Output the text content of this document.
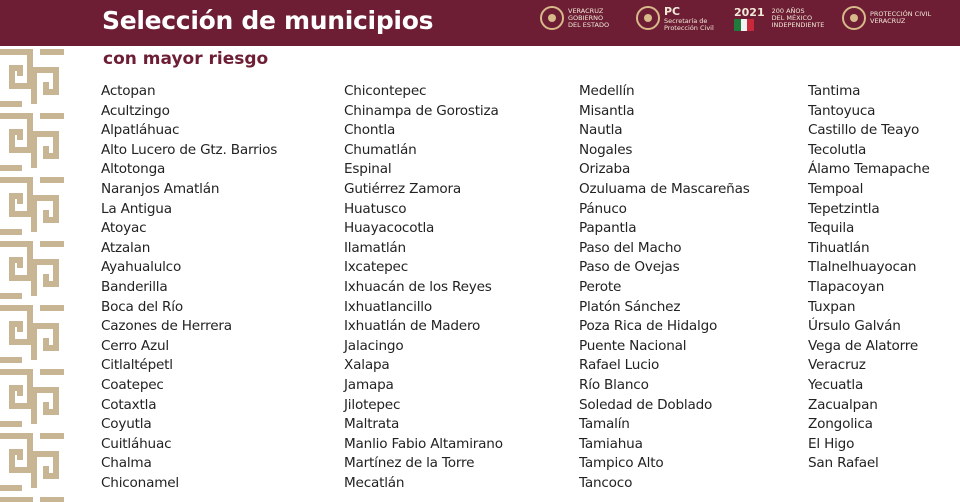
Selección de municipios	VERACRUZ
GOBIERNO
DEL ESTADO
PC
Secretaría de
Protección Civil
2021 200 AÑOS
DEL MÉXICO
INDEPENDIENTE
PROTECCIÓN CIVIL
VERACRUZ
con mayor riesgo
Actopan
Acultzingo
Alpatláhuac
Alto Lucero de Gtz. Barrios
Altotonga
Naranjos Amatlán
La Antigua
Atoyac
Atzalan
Ayahualulco
Banderilla
Boca del Río
Cazones de Herrera
Cerro Azul
Citlaltépetl
Coatepec
Cotaxtla
Coyutla
Cuitláhuac
Chalma
Chiconamel
Chicontepec
Chinampa de Gorostiza
Chontla
Chumatlán
Espinal
Gutiérrez Zamora
Huatusco
Huayacocotla
Ilamatlán
Ixcatepec
Ixhuacán de los Reyes
Ixhuatlancillo
Ixhuatlán de Madero
Jalacingo
Xalapa
Jamapa
Jilotepec
Maltrata
Manlio Fabio Altamirano
Martínez de la Torre
Mecatlán
Medellín
Misantla
Nautla
Nogales
Orizaba
Ozuluama de Mascareñas
Pánuco
Papantla
Paso del Macho
Paso de Ovejas
Perote
Platón Sánchez
Poza Rica de Hidalgo
Puente Nacional
Rafael Lucio
Río Blanco
Soledad de Doblado
Tamalín
Tamiahua
Tampico Alto
Tancoco
Tantima
Tantoyuca
Castillo de Teayo
Tecolutla
Álamo Temapache
Tempoal
Tepetzintla
Tequila
Tihuatlán
Tlalnelhuayocan
Tlapacoyan
Tuxpan
Úrsulo Galván
Vega de Alatorre
Veracruz
Yecuatla
Zacualpan
Zongolica
El Higo
San Rafael
